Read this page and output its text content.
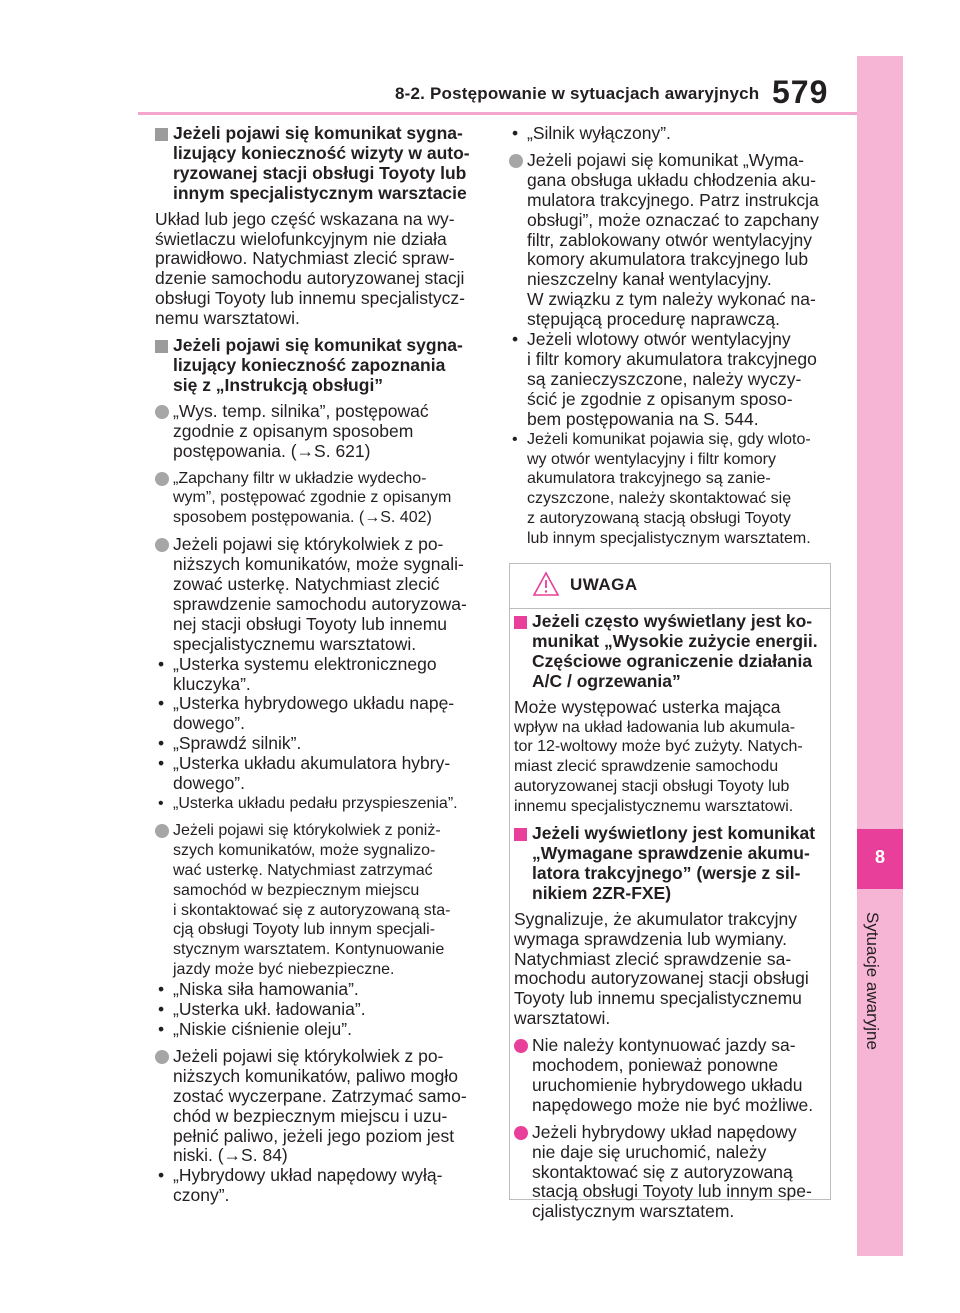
8-2. Postępowanie w sytuacjach awaryjnych 579
8
Sytuacje awaryjne

Jeżeli pojawi się komunikat sygna-
lizujący konieczność wizyty w auto-
ryzowanej stacji obsługi Toyoty lub
innym specjalistycznym warsztacie

Układ lub jego część wskazana na wy-
świetlaczu wielofunkcyjnym nie działa
prawidłowo. Natychmiast zlecić spraw-
dzenie samochodu autoryzowanej stacji
obsługi Toyoty lub innemu specjalistycz-
nemu warsztatowi.

Jeżeli pojawi się komunikat sygna-
lizujący konieczność zapoznania
się z „Instrukcją obsługi”

„Wys. temp. silnika”, postępować
zgodnie z opisanym sposobem
postępowania. (→S. 621)

„Zapchany filtr w układzie wydecho-
wym”, postępować zgodnie z opisanym
sposobem postępowania. (→S. 402)

Jeżeli pojawi się którykolwiek z po-
niższych komunikatów, może sygnali-
zować usterkę. Natychmiast zlecić
sprawdzenie samochodu autoryzowa-
nej stacji obsługi Toyoty lub innemu
specjalistycznemu warsztatowi.

• „Usterka systemu elektronicznego
kluczyka”.

• „Usterka hybrydowego układu napę-
dowego”.

• „Sprawdź silnik”.

• „Usterka układu akumulatora hybry-
dowego”.

• „Usterka układu pedału przyspieszenia”.

Jeżeli pojawi się którykolwiek z poniż-
szych komunikatów, może sygnalizo-
wać usterkę. Natychmiast zatrzymać
samochód w bezpiecznym miejscu
i skontaktować się z autoryzowaną sta-
cją obsługi Toyoty lub innym specjali-
stycznym warsztatem. Kontynuowanie
jazdy może być niebezpieczne.

• „Niska siła hamowania”.

• „Usterka ukł. ładowania”.

• „Niskie ciśnienie oleju”.

Jeżeli pojawi się którykolwiek z po-
niższych komunikatów, paliwo mogło
zostać wyczerpane. Zatrzymać samo-
chód w bezpiecznym miejscu i uzu-
pełnić paliwo, jeżeli jego poziom jest
niski. (→S. 84)

• „Hybrydowy układ napędowy wyłą-
czony”.

• „Silnik wyłączony”.

Jeżeli pojawi się komunikat „Wyma-
gana obsługa układu chłodzenia aku-
mulatora trakcyjnego. Patrz instrukcja
obsługi”, może oznaczać to zapchany
filtr, zablokowany otwór wentylacyjny
komory akumulatora trakcyjnego lub
nieszczelny kanał wentylacyjny.
W związku z tym należy wykonać na-
stępującą procedurę naprawczą.

• Jeżeli wlotowy otwór wentylacyjny
i filtr komory akumulatora trakcyjnego
są zanieczyszczone, należy wyczy-
ścić je zgodnie z opisanym sposo-
bem postępowania na S. 544.

• Jeżeli komunikat pojawia się, gdy wloto-
wy otwór wentylacyjny i filtr komory
akumulatora trakcyjnego są zanie-
czyszczone, należy skontaktować się
z autoryzowaną stacją obsługi Toyoty
lub innym specjalistycznym warsztatem.

UWAGA

Jeżeli często wyświetlany jest ko-
munikat „Wysokie zużycie energii.
Częściowe ograniczenie działania
A/C / ogrzewania”

Może występować usterka mająca
wpływ na układ ładowania lub akumula-
tor 12-woltowy może być zużyty. Natych-
miast zlecić sprawdzenie samochodu
autoryzowanej stacji obsługi Toyoty lub
innemu specjalistycznemu warsztatowi.

Jeżeli wyświetlony jest komunikat
„Wymagane sprawdzenie akumu-
latora trakcyjnego” (wersje z sil-
nikiem 2ZR-FXE)

Sygnalizuje, że akumulator trakcyjny
wymaga sprawdzenia lub wymiany.
Natychmiast zlecić sprawdzenie sa-
mochodu autoryzowanej stacji obsługi
Toyoty lub innemu specjalistycznemu
warsztatowi.

Nie należy kontynuować jazdy sa-
mochodem, ponieważ ponowne
uruchomienie hybrydowego układu
napędowego może nie być możliwe.

Jeżeli hybrydowy układ napędowy
nie daje się uruchomić, należy
skontaktować się z autoryzowaną
stacją obsługi Toyoty lub innym spe-
cjalistycznym warsztatem.
